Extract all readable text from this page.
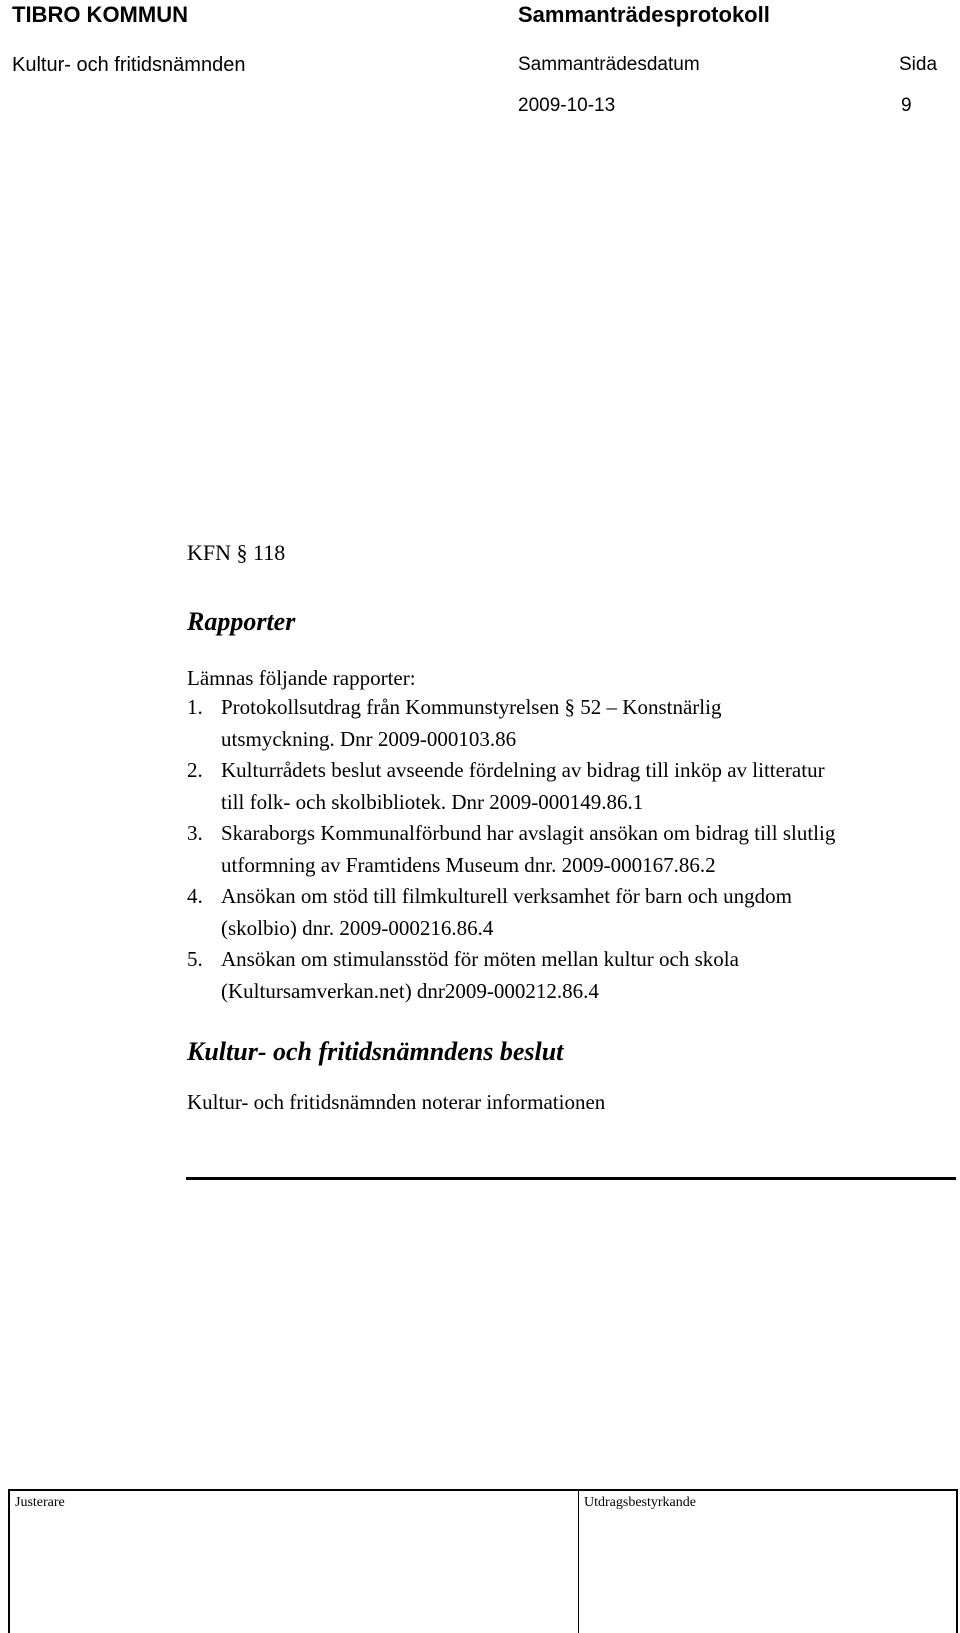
TIBRO KOMMUN	Sammanträdesprotokoll
Kultur- och fritidsnämnden	Sammanträdesdatum	Sida
2009-10-13	9
KFN § 118
Rapporter
Lämnas följande rapporter:
1. Protokollsutdrag från Kommunstyrelsen § 52 – Konstnärlig
utsmyckning. Dnr 2009-000103.86
2. Kulturrådets beslut avseende fördelning av bidrag till inköp av litteratur
till folk- och skolbibliotek. Dnr 2009-000149.86.1
3. Skaraborgs Kommunalförbund har avslagit ansökan om bidrag till slutlig
utformning av Framtidens Museum dnr. 2009-000167.86.2
4. Ansökan om stöd till filmkulturell verksamhet för barn och ungdom
(skolbio) dnr. 2009-000216.86.4
5. Ansökan om stimulansstöd för möten mellan kultur och skola
(Kultursamverkan.net) dnr2009-000212.86.4
Kultur- och fritidsnämndens beslut
Kultur- och fritidsnämnden noterar informationen
Justerare	Utdragsbestyrkande
